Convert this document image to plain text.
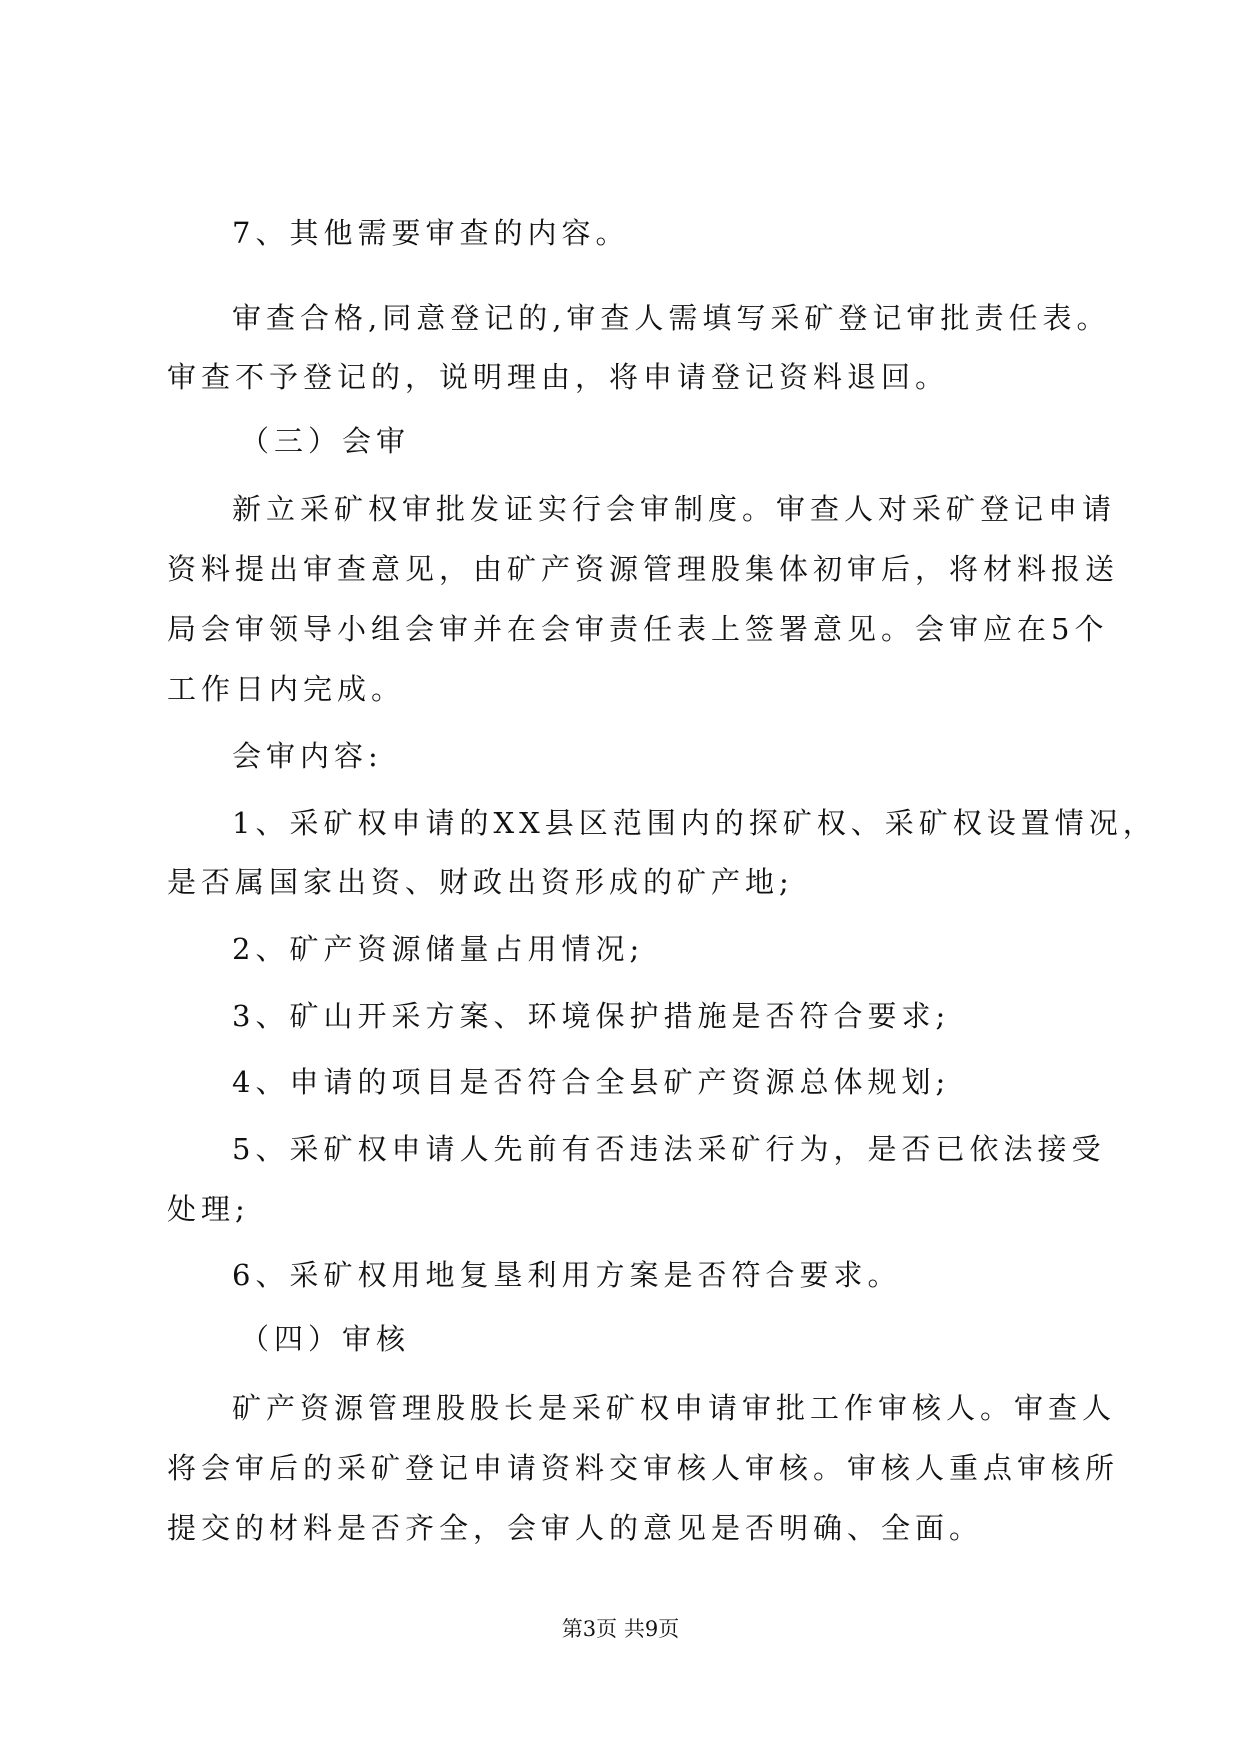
7、其他需要审查的内容。
审查合格,同意登记的,审查人需填写采矿登记审批责任表。
审查不予登记的，说明理由，将申请登记资料退回。
（三）会审
新立采矿权审批发证实行会审制度。审查人对采矿登记申请
资料提出审查意见，由矿产资源管理股集体初审后，将材料报送
局会审领导小组会审并在会审责任表上签署意见。会审应在5个
工作日内完成。
会审内容:
1、采矿权申请的XX县区范围内的探矿权、采矿权设置情况，
是否属国家出资、财政出资形成的矿产地;
2、矿产资源储量占用情况;
3、矿山开采方案、环境保护措施是否符合要求;
4、申请的项目是否符合全县矿产资源总体规划;
5、采矿权申请人先前有否违法采矿行为，是否已依法接受
处理;
6、采矿权用地复垦利用方案是否符合要求。
（四）审核
矿产资源管理股股长是采矿权申请审批工作审核人。审查人
将会审后的采矿登记申请资料交审核人审核。审核人重点审核所
提交的材料是否齐全，会审人的意见是否明确、全面。
第3页 共9页
